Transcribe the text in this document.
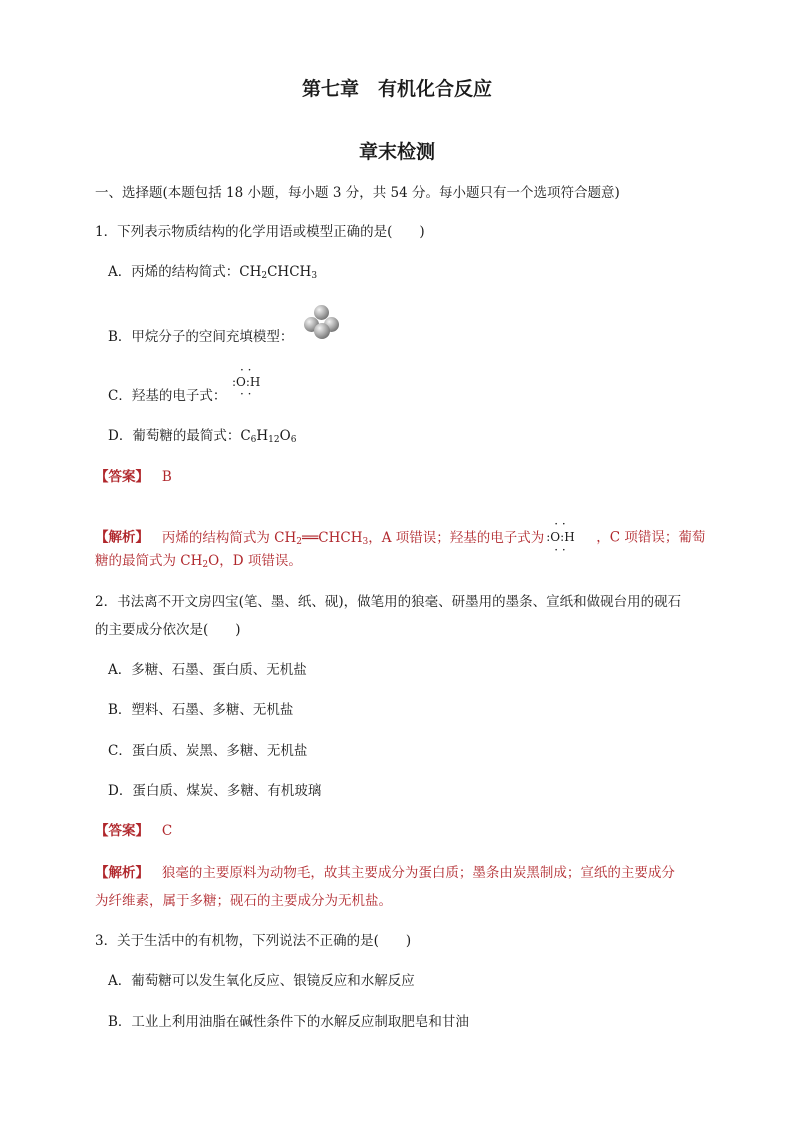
第七章　有机化合反应
章末检测
一、选择题(本题包括 18 小题，每小题 3 分，共 54 分。每小题只有一个选项符合题意)
1．下列表示物质结构的化学用语或模型正确的是(　　)
A．丙烯的结构简式：$CH_2CHCH_3$
B．甲烷分子的空间充填模型：
C．羟基的电子式：
· ·
:O:H
· ·
D．葡萄糖的最简式：$C_6H_{12}O_6$
【答案】 B
【解析】 丙烯的结构简式为 $CH_2══CHCH_3$，A 项错误；羟基的电子式为
· ·
:O:H
· ·
，C 项错误；葡萄
糖的最简式为 $CH_2O$，D 项错误。
2．书法离不开文房四宝(笔、墨、纸、砚)，做笔用的狼毫、研墨用的墨条、宣纸和做砚台用的砚石
的主要成分依次是(　　)
A．多糖、石墨、蛋白质、无机盐
B．塑料、石墨、多糖、无机盐
C．蛋白质、炭黑、多糖、无机盐
D．蛋白质、煤炭、多糖、有机玻璃
【答案】 C
【解析】 狼毫的主要原料为动物毛，故其主要成分为蛋白质；墨条由炭黑制成；宣纸的主要成分
为纤维素，属于多糖；砚石的主要成分为无机盐。
3．关于生活中的有机物，下列说法不正确的是(　　)
A．葡萄糖可以发生氧化反应、银镜反应和水解反应
B．工业上利用油脂在碱性条件下的水解反应制取肥皂和甘油
